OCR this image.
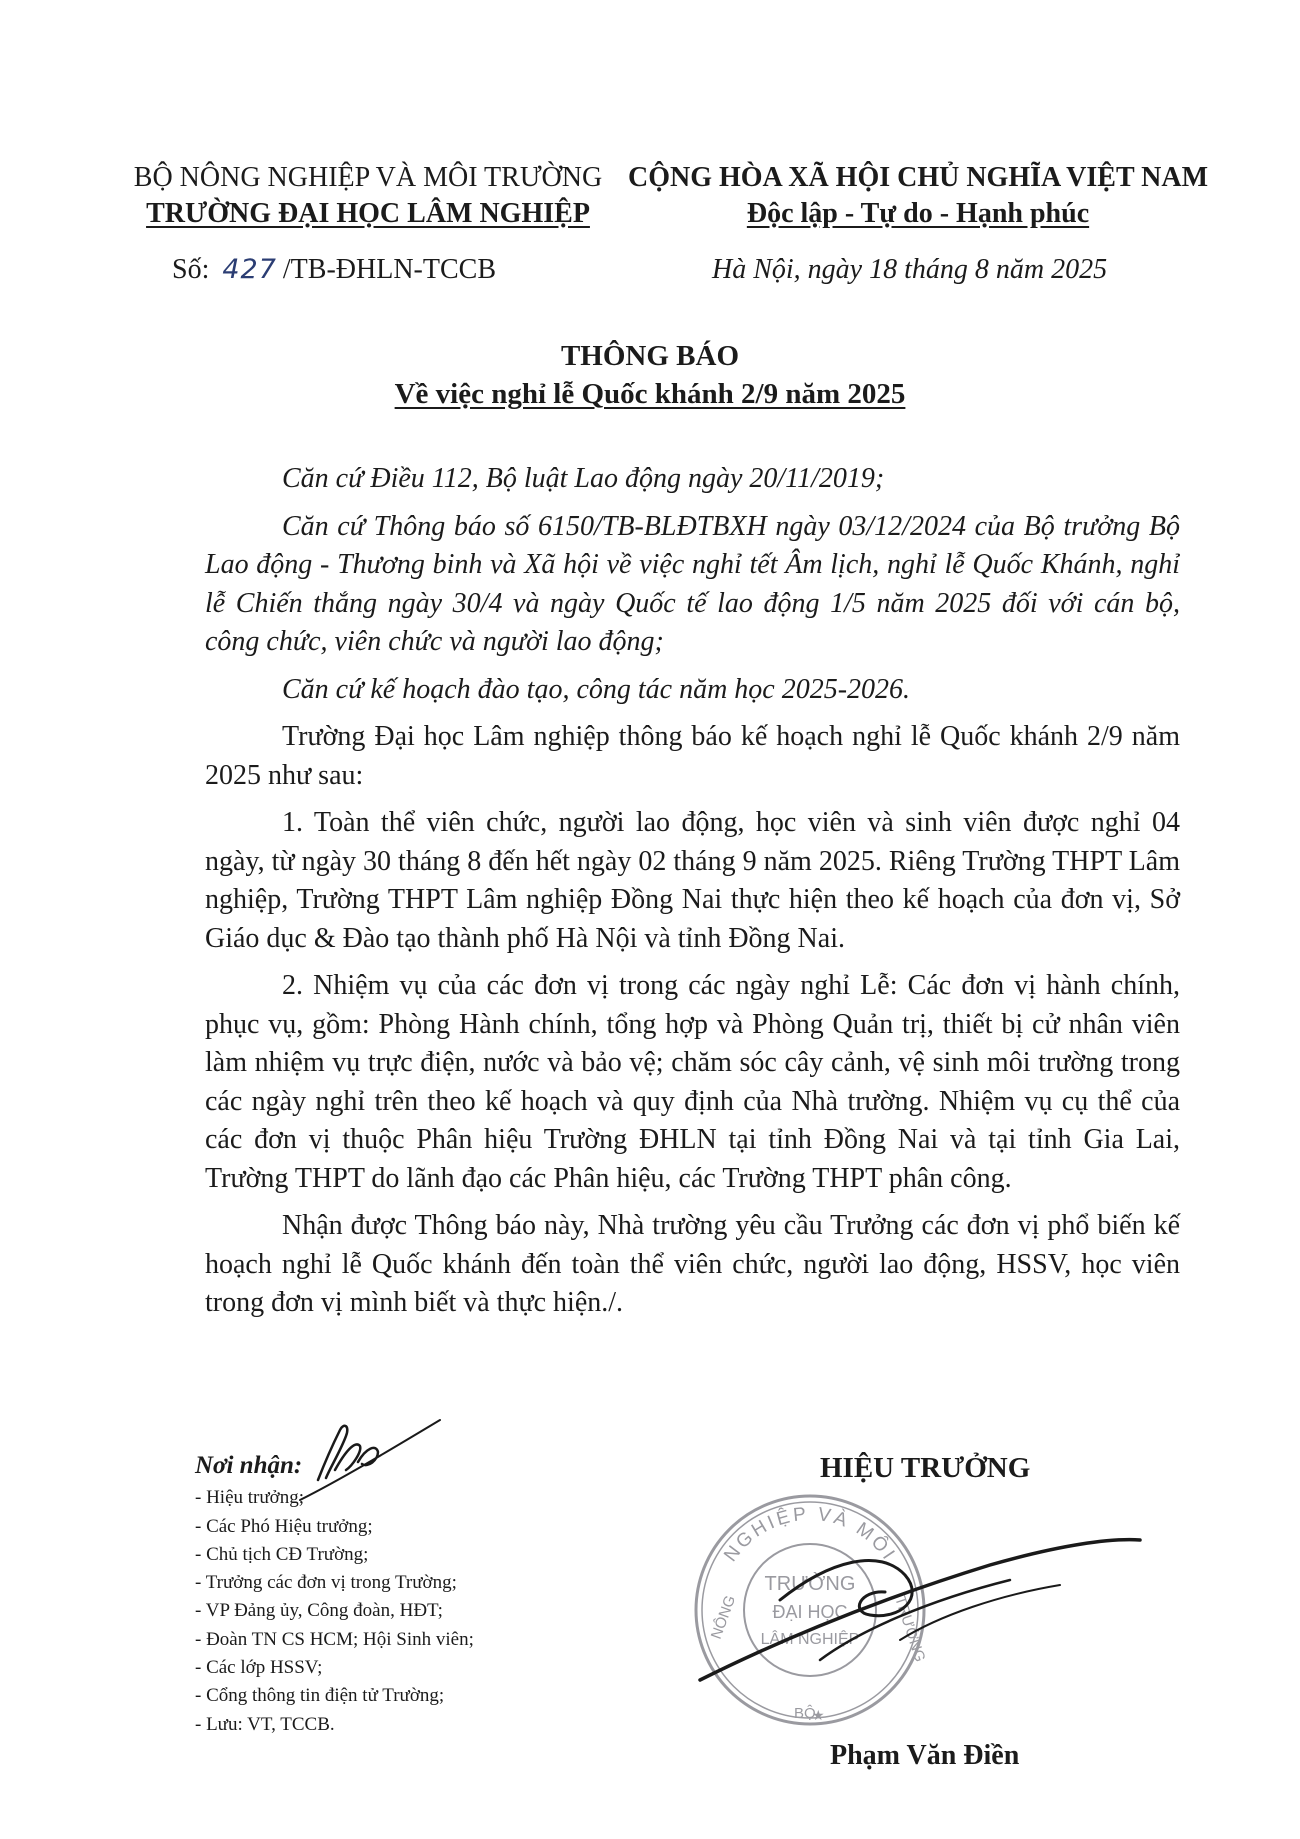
BỘ NÔNG NGHIỆP VÀ MÔI TRƯỜNG
TRƯỜNG ĐẠI HỌC LÂM NGHIỆP
CỘNG HÒA XÃ HỘI CHỦ NGHĨA VIỆT NAM
Độc lập - Tự do - Hạnh phúc
Số: 427 /TB-ĐHLN-TCCB	Hà Nội, ngày 18 tháng 8 năm 2025
THÔNG BÁO
Về việc nghỉ lễ Quốc khánh 2/9 năm 2025

Căn cứ Điều 112, Bộ luật Lao động ngày 20/11/2019;

Căn cứ Thông báo số 6150/TB-BLĐTBXH ngày 03/12/2024 của Bộ trưởng Bộ Lao động - Thương binh và Xã hội về việc nghỉ tết Âm lịch, nghỉ lễ Quốc Khánh, nghỉ lễ Chiến thắng ngày 30/4 và ngày Quốc tế lao động 1/5 năm 2025 đối với cán bộ, công chức, viên chức và người lao động;

Căn cứ kế hoạch đào tạo, công tác năm học 2025-2026.

Trường Đại học Lâm nghiệp thông báo kế hoạch nghỉ lễ Quốc khánh 2/9 năm 2025 như sau:

1. Toàn thể viên chức, người lao động, học viên và sinh viên được nghỉ 04 ngày, từ ngày 30 tháng 8 đến hết ngày 02 tháng 9 năm 2025. Riêng Trường THPT Lâm nghiệp, Trường THPT Lâm nghiệp Đồng Nai thực hiện theo kế hoạch của đơn vị, Sở Giáo dục & Đào tạo thành phố Hà Nội và tỉnh Đồng Nai.

2. Nhiệm vụ của các đơn vị trong các ngày nghỉ Lễ: Các đơn vị hành chính, phục vụ, gồm: Phòng Hành chính, tổng hợp và Phòng Quản trị, thiết bị cử nhân viên làm nhiệm vụ trực điện, nước và bảo vệ; chăm sóc cây cảnh, vệ sinh môi trường trong các ngày nghỉ trên theo kế hoạch và quy định của Nhà trường. Nhiệm vụ cụ thể của các đơn vị thuộc Phân hiệu Trường ĐHLN tại tỉnh Đồng Nai và tại tỉnh Gia Lai, Trường THPT do lãnh đạo các Phân hiệu, các Trường THPT phân công.

Nhận được Thông báo này, Nhà trường yêu cầu Trưởng các đơn vị phổ biến kế hoạch nghỉ lễ Quốc khánh đến toàn thể viên chức, người lao động, HSSV, học viên trong đơn vị mình biết và thực hiện./.

Nơi nhận:
- Hiệu trưởng;
- Các Phó Hiệu trưởng;
- Chủ tịch CĐ Trường;
- Trưởng các đơn vị trong Trường;
- VP Đảng ủy, Công đoàn, HĐT;
- Đoàn TN CS HCM; Hội Sinh viên;
- Các lớp HSSV;
- Cổng thông tin điện tử Trường;
- Lưu: VT, TCCB.
HIỆU TRƯỞNG
NGHIỆP VÀ MÔI
NÔNG	TRƯỜNG
BỘ
★
TRƯỜNG
ĐẠI HỌC
LÂM NGHIỆP
Phạm Văn Điền
